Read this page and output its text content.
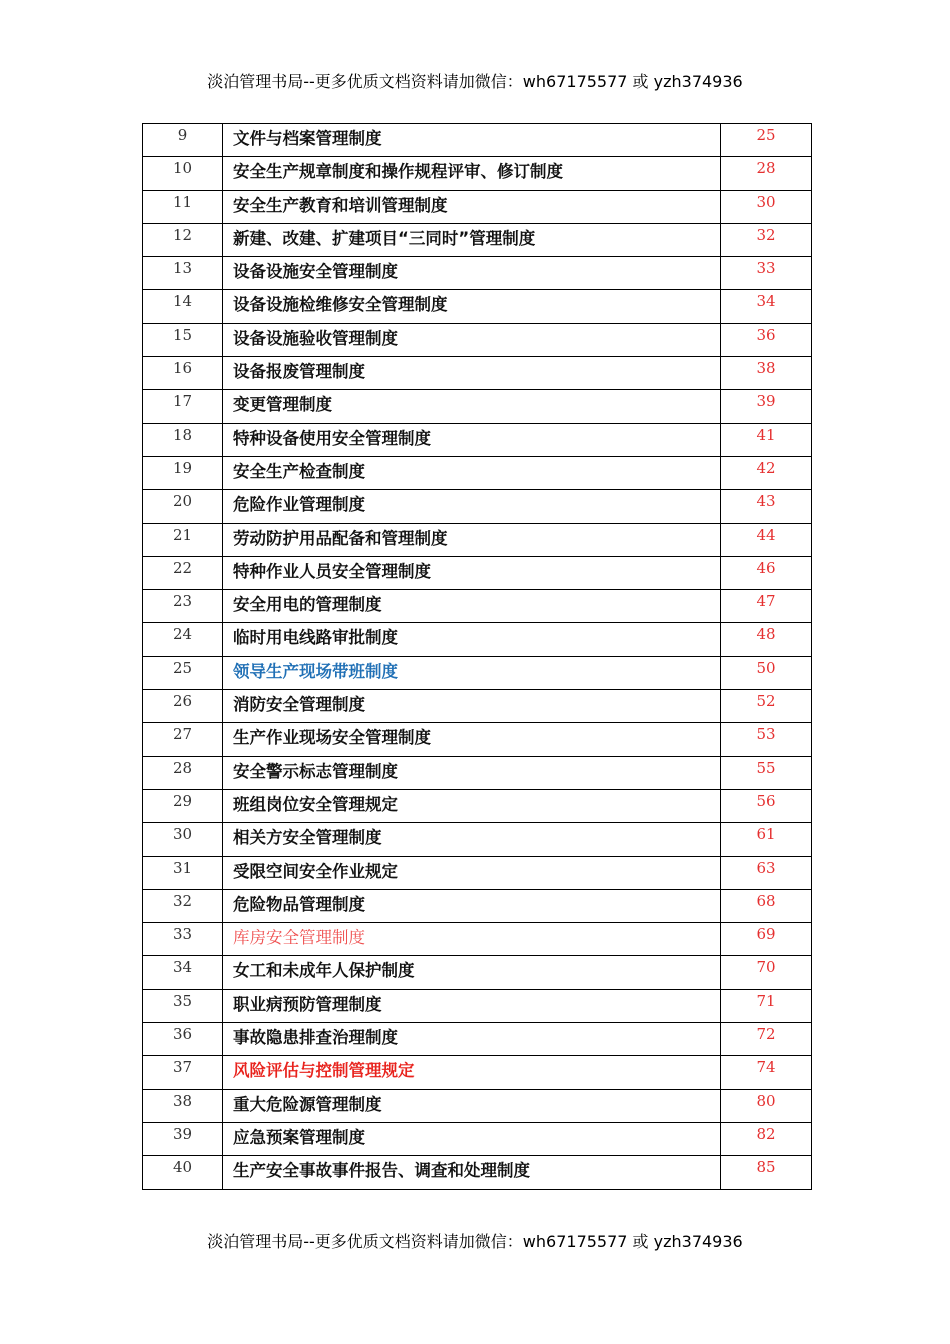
淡泊管理书局--更多优质文档资料请加微信：wh67175577 或 yzh374936
9	文件与档案管理制度	25
10	安全生产规章制度和操作规程评审、修订制度	28
11	安全生产教育和培训管理制度	30
12	新建、改建、扩建项目“三同时”管理制度	32
13	设备设施安全管理制度	33
14	设备设施检维修安全管理制度	34
15	设备设施验收管理制度	36
16	设备报废管理制度	38
17	变更管理制度	39
18	特种设备使用安全管理制度	41
19	安全生产检查制度	42
20	危险作业管理制度	43
21	劳动防护用品配备和管理制度	44
22	特种作业人员安全管理制度	46
23	安全用电的管理制度	47
24	临时用电线路审批制度	48
25	领导生产现场带班制度	50
26	消防安全管理制度	52
27	生产作业现场安全管理制度	53
28	安全警示标志管理制度	55
29	班组岗位安全管理规定	56
30	相关方安全管理制度	61
31	受限空间安全作业规定	63
32	危险物品管理制度	68
33	库房安全管理制度	69
34	女工和未成年人保护制度	70
35	职业病预防管理制度	71
36	事故隐患排查治理制度	72
37	风险评估与控制管理规定	74
38	重大危险源管理制度	80
39	应急预案管理制度	82
40	生产安全事故事件报告、调查和处理制度	85
淡泊管理书局--更多优质文档资料请加微信：wh67175577 或 yzh374936
